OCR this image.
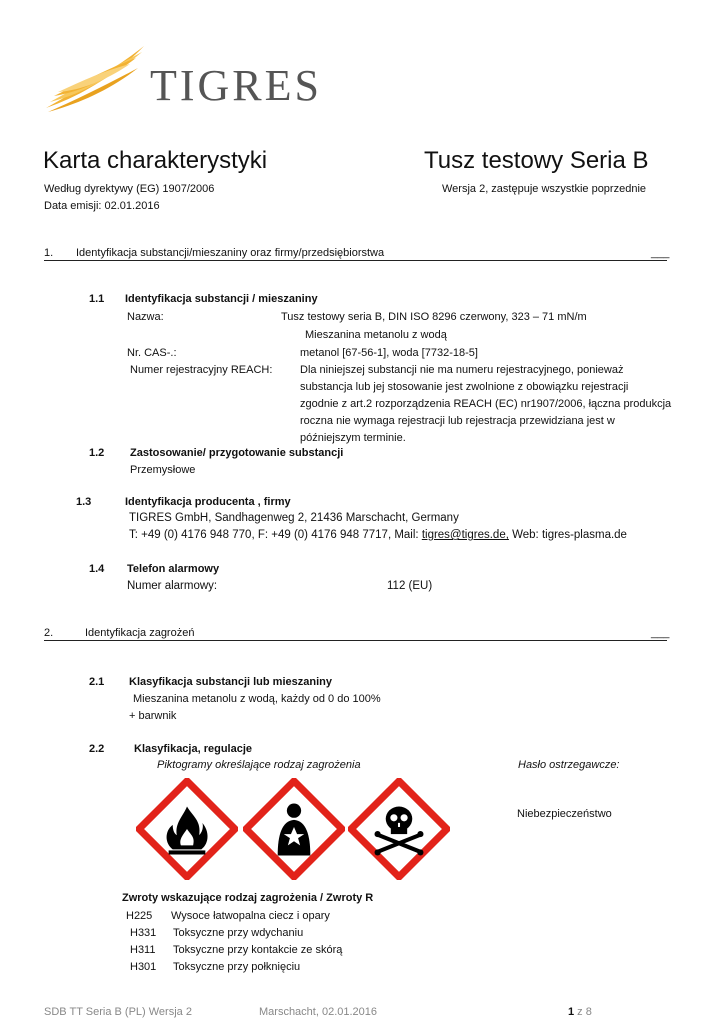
TIGRES
Karta charakterystyki	Tusz testowy Seria B
Według dyrektywy (EG) 1907/2006	Wersja 2, zastępuje wszystkie poprzednie
Data emisji: 02.01.2016
1. Identyfikacja substancji/mieszaniny oraz firmy/przedsiębiorstwa	___
1.1 Identyfikacja substancji / mieszaniny
Nazwa:	Tusz testowy seria B, DIN ISO 8296 czerwony, 323 – 71 mN/m
Mieszanina metanolu z wodą
Nr. CAS-.:	metanol [67-56-1], woda [7732-18-5]
Numer rejestracyjny REACH:	Dla niniejszej substancji nie ma numeru rejestracyjnego, ponieważ
substancja lub jej stosowanie jest zwolnione z obowiązku rejestracji
zgodnie z art.2 rozporządzenia REACH (EC) nr1907/2006, łączna produkcja
roczna nie wymaga rejestracji lub rejestracja przewidziana jest w
późniejszym terminie.
1.2 Zastosowanie/ przygotowanie substancji
Przemysłowe
1.3	Identyfikacja producenta , firmy
TIGRES GmbH, Sandhagenweg 2, 21436 Marschacht, Germany
T: +49 (0) 4176 948 770, F: +49 (0) 4176 948 7717, Mail: tigres@tigres.de, Web: tigres-plasma.de
1.4 Telefon alarmowy
Numer alarmowy:	112 (EU)
2.	Identyfikacja zagrożeń	___
2.1 Klasyfikacja substancji lub mieszaniny
Mieszanina metanolu z wodą, każdy od 0 do 100%
+ barwnik
2.2	Klasyfikacja, regulacje
Piktogramy określające rodzaj zagrożenia	Hasło ostrzegawcze:
Niebezpieczeństwo
Zwroty wskazujące rodzaj zagrożenia / Zwroty R
H225 Wysoce łatwopalna ciecz i opary
H331 Toksyczne przy wdychaniu
H311 Toksyczne przy kontakcie ze skórą
H301 Toksyczne przy połknięciu
SDB TT Seria B (PL) Wersja 2	Marschacht, 02.01.2016	1 z 8
